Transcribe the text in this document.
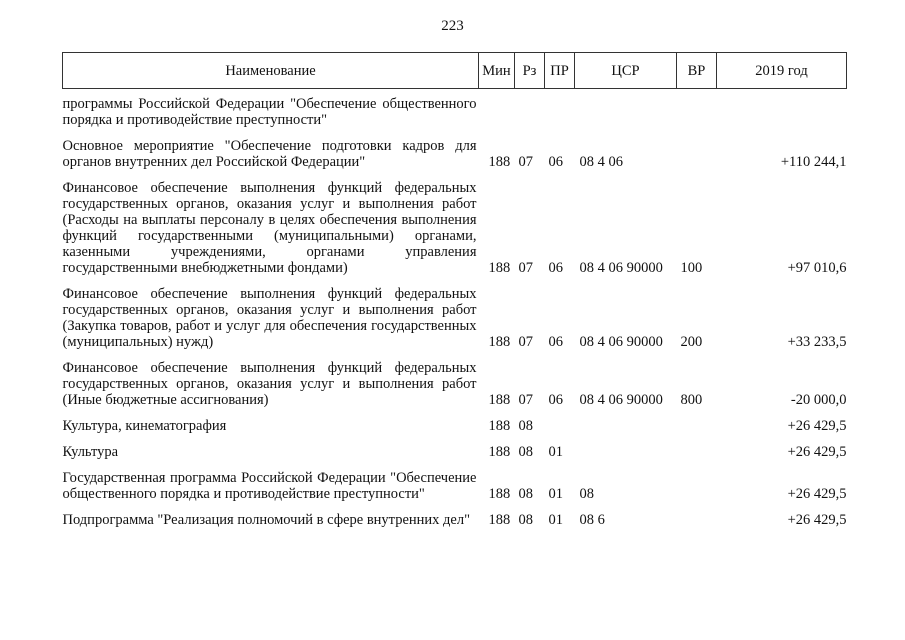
223
Наименование	Мин	Рз	ПР	ЦСР	ВР	2019 год
программы Российской Федерации "Обеспечение общественного порядка и противодействие преступности"						
Основное мероприятие "Обеспечение подготовки кадров для органов внутренних дел Российской Федерации"	188	07	06	08 4 06		+110 244,1
Финансовое обеспечение выполнения функций федеральных государственных органов, оказания услуг и выполнения работ (Расходы на выплаты персоналу в целях обеспечения выполнения функций государственными (муниципальными) органами, казенными учреждениями, органами управления государственными внебюджетными фондами)	188	07	06	08 4 06 90000	100	+97 010,6
Финансовое обеспечение выполнения функций федеральных государственных органов, оказания услуг и выполнения работ (Закупка товаров, работ и услуг для обеспечения государственных (муниципальных) нужд)	188	07	06	08 4 06 90000	200	+33 233,5
Финансовое обеспечение выполнения функций федеральных государственных органов, оказания услуг и выполнения работ (Иные бюджетные ассигнования)	188	07	06	08 4 06 90000	800	-20 000,0
Культура, кинематография	188	08				+26 429,5
Культура	188	08	01			+26 429,5
Государственная программа Российской Федерации "Обеспечение общественного порядка и противодействие преступности"	188	08	01	08		+26 429,5
Подпрограмма "Реализация полномочий в сфере внутренних дел"	188	08	01	08 6		+26 429,5
